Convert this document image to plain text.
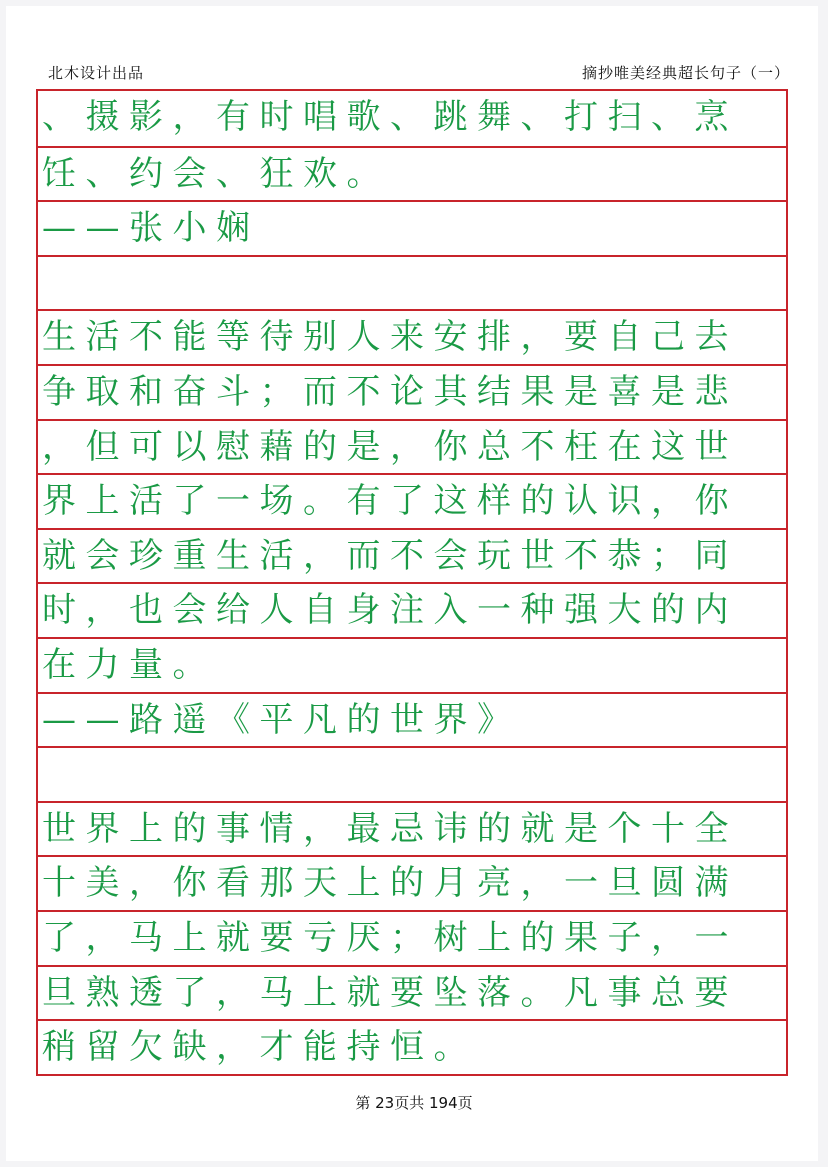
北木设计出品	摘抄唯美经典超长句子（一）
、摄影，有时唱歌、跳舞、打扫、烹
饪、约会、狂欢。
——张小娴
生活不能等待别人来安排，要自己去
争取和奋斗；而不论其结果是喜是悲
，但可以慰藉的是，你总不枉在这世
界上活了一场。有了这样的认识，你
就会珍重生活，而不会玩世不恭；同
时，也会给人自身注入一种强大的内
在力量。
——路遥《平凡的世界》
世界上的事情，最忌讳的就是个十全
十美，你看那天上的月亮，一旦圆满
了，马上就要亏厌；树上的果子，一
旦熟透了，马上就要坠落。凡事总要
稍留欠缺，才能持恒。
第 23页共 194页
